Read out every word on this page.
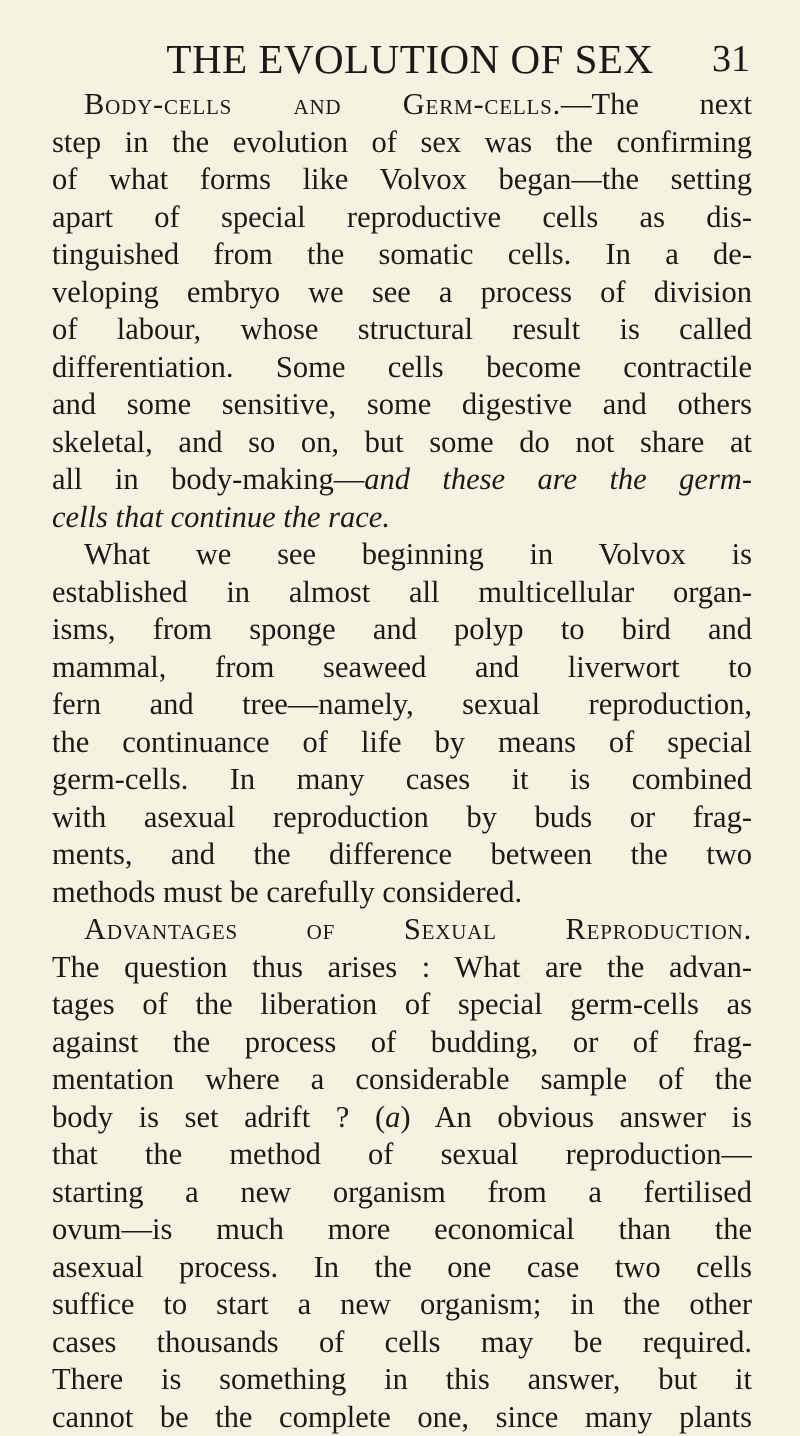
THE EVOLUTION OF SEX	31
Body-cells and Germ-cells.—The next
step in the evolution of sex was the confirming
of what forms like Volvox began—the setting
apart of special reproductive cells as dis-
tinguished from the somatic cells. In a de-
veloping embryo we see a process of division
of labour, whose structural result is called
differentiation. Some cells become contractile
and some sensitive, some digestive and others
skeletal, and so on, but some do not share at
all in body-making—and these are the germ-
cells that continue the race.
What we see beginning in Volvox is
established in almost all multicellular organ-
isms, from sponge and polyp to bird and
mammal, from seaweed and liverwort to
fern and tree—namely, sexual reproduction,
the continuance of life by means of special
germ-cells. In many cases it is combined
with asexual reproduction by buds or frag-
ments, and the difference between the two
methods must be carefully considered.
Advantages of Sexual Reproduction.
The question thus arises : What are the advan-
tages of the liberation of special germ-cells as
against the process of budding, or of frag-
mentation where a considerable sample of the
body is set adrift ? (a) An obvious answer is
that the method of sexual reproduction—
starting a new organism from a fertilised
ovum—is much more economical than the
asexual process. In the one case two cells
suffice to start a new organism; in the other
cases thousands of cells may be required.
There is something in this answer, but it
cannot be the complete one, since many plants
